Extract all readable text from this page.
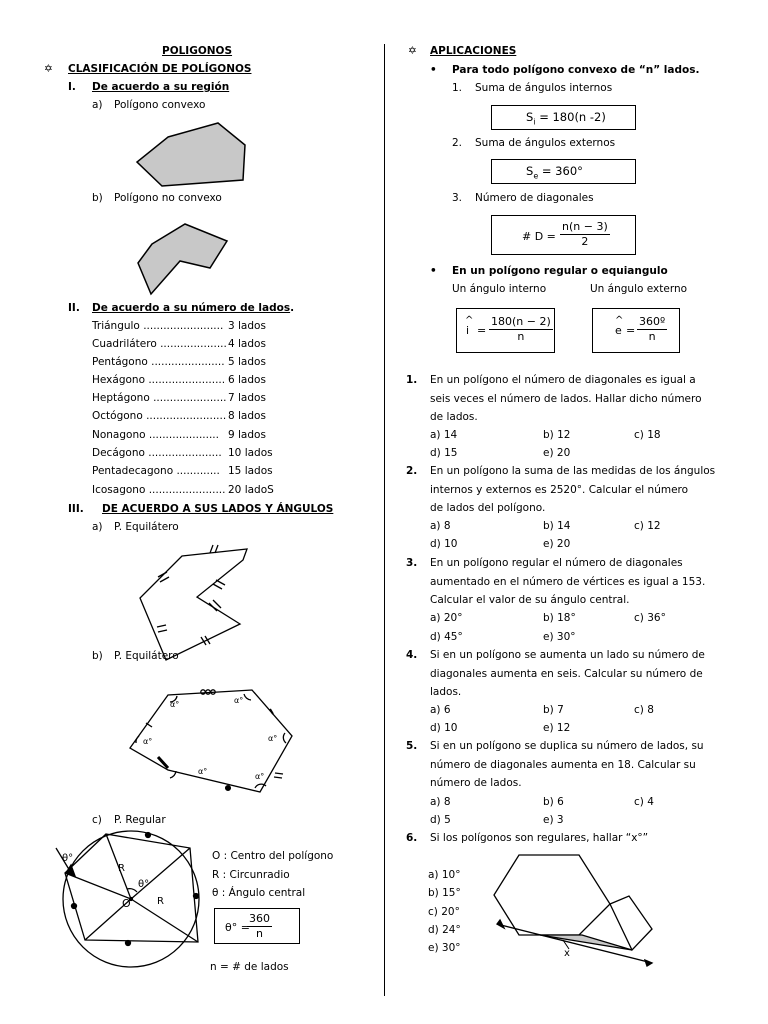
POLIGONOS
✡ CLASIFICACIÓN DE POLÍGONOS
I. De acuerdo a su región
a) Polígono convexo
b) Polígono no convexo
II. De acuerdo a su número de lados.
Triángulo ........................ 3 lados
Cuadrilátero .................... 4 lados
Pentágono ...................... 5 lados
Hexágono ....................... 6 lados
Heptágono ...................... 7 lados
Octógono ........................ 8 lados
Nonagono ..................... 9 lados
Decágono ...................... 10 lados
Pentadecagono ............. 15 lados
Icosagono ....................... 20 ladoS
III. DE ACUERDO A SUS LADOS Y ÁNGULOS
a) P. Equilátero
b) P. Equilátero
α°	α°
α°
α°
α°
α°
c) P. Regular
θ°
R
θ°
R
O
O : Centro del polígono
R : Circunradio
θ : Ángulo central
θ° =
$\frac{360}{n}$
n = # de lados
✡ APLICACIONES
• Para todo polígono convexo de “n” lados.
1. Suma de ángulos internos
$S_i = 180(n$ -2)
2. Suma de ángulos externos
$S_e = 360^\circ$
3. Número de diagonales
# $D = \frac{n(n - 3)}{2}$
• En un polígono regular o equiangulo
Un ángulo interno	Un ángulo externo
^
$i = \frac{180(n - 2)}{n}$	^
$e = \frac{\text{360º}}{n}$
1. En un polígono el número de diagonales es igual a
seis veces el número de lados. Hallar dicho número
de lados.
a) 14	b) 12	c) 18
d) 15	e) 20
2. En un polígono la suma de las medidas de los ángulos
internos y externos es 2520°. Calcular el número
de lados del polígono.
a) 8	b) 14	c) 12
d) 10	e) 20
3. En un polígono regular el número de diagonales
aumentado en el número de vértices es igual a 153.
Calcular el valor de su ángulo central.
a) 20°	b) 18°	c) 36°
d) 45°	e) 30°
4. Si en un polígono se aumenta un lado su número de
diagonales aumenta en seis. Calcular su número de
lados.
a) 6	b) 7	c) 8
d) 10	e) 12
5. Si en un polígono se duplica su número de lados, su
número de diagonales aumenta en 18. Calcular su
número de lados.
a) 8	b) 6	c) 4
d) 5	e) 3
6. Si los polígonos son regulares, hallar “x°”
a) 10°
b) 15°
c) 20°
d) 24°
e) 30°	x
